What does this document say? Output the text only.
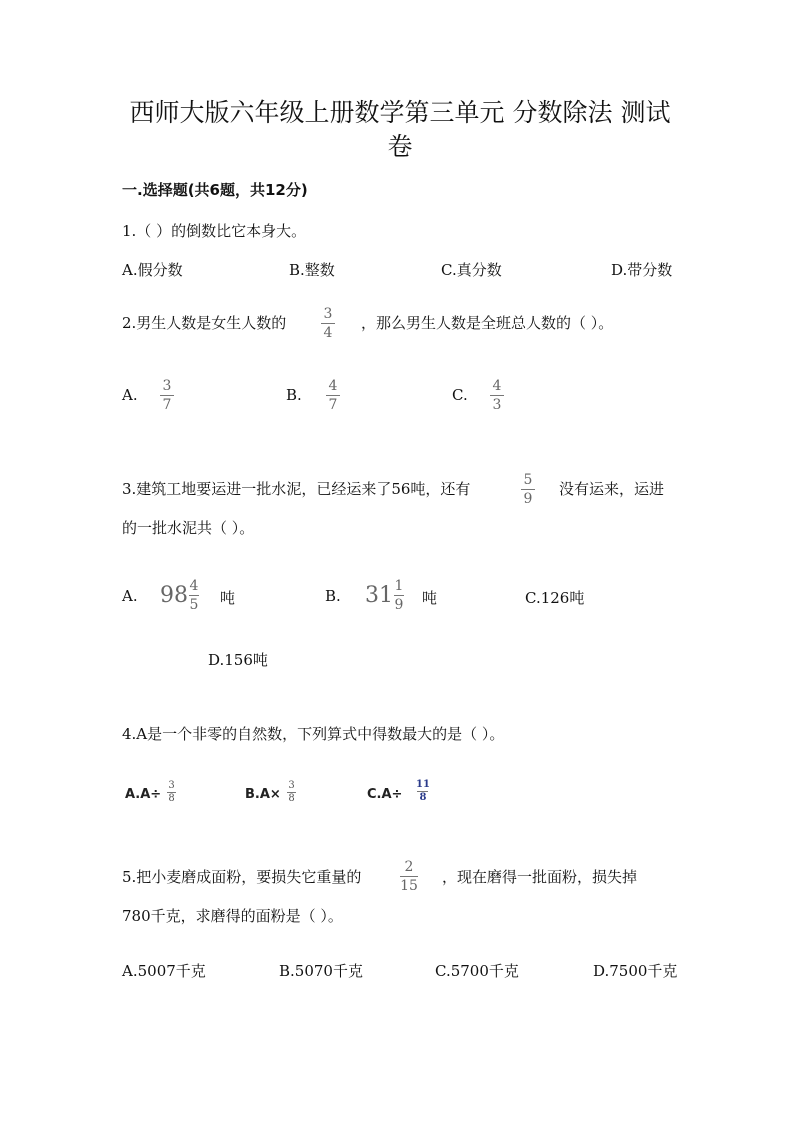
西师大版六年级上册数学第三单元 分数除法 测试
卷
一.选择题(共6题，共12分)
1.（ ）的倒数比它本身大。
A.假分数	B.整数	C.真分数	D.带分数
2.男生人数是女生人数的 $\frac{3}{4}$ ，那么男生人数是全班总人数的（ ）。
A. $\frac{3}{7}$	B. $\frac{4}{7}$	C. $\frac{4}{3}$
3.建筑工地要运进一批水泥，已经运来了56吨，还有	$\frac{5}{9}$ 没有运来，运进
的一批水泥共（ ）。
A. $98 \frac{4}{5}$ 吨	B. $31 \frac{1}{9}$ 吨	C.126吨
D.156吨
4.A是一个非零的自然数，下列算式中得数最大的是（ ）。
$A.A\div \frac{3}{8}$	$B.A\times \frac{3}{8}$	$C.A\div \frac{11}{8}$
5.把小麦磨成面粉，要损失它重量的	$\frac{2}{15}$ ，现在磨得一批面粉，损失掉
780千克，求磨得的面粉是（ ）。
A.5007千克	B.5070千克	C.5700千克	D.7500千克
